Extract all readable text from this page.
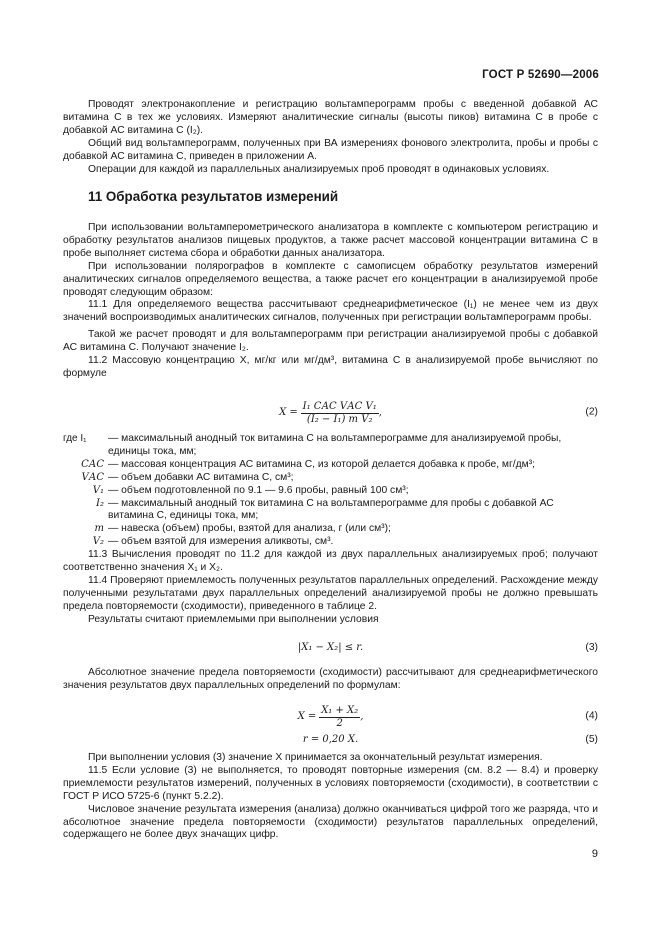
ГОСТ Р 52690—2006

Проводят электронакопление и регистрацию вольтамперограмм пробы с введенной добавкой АС витамина С в тех же условиях. Измеряют аналитические сигналы (высоты пиков) витамина С в пробе с добавкой АС витамина С (I₂).

Общий вид вольтамперограмм, полученных при ВА измерениях фонового электролита, пробы и пробы с добавкой АС витамина С, приведен в приложении А.

Операции для каждой из параллельных анализируемых проб проводят в одинаковых условиях.

11 Обработка результатов измерений

При использовании вольтамперометрического анализатора в комплекте с компьютером регистрацию и обработку результатов анализов пищевых продуктов, а также расчет массовой концентрации витамина С в пробе выполняет система сбора и обработки данных анализатора.

При использовании полярографов в комплекте с самописцем обработку результатов измерений аналитических сигналов определяемого вещества, а также расчет его концентрации в анализируемой пробе проводят следующим образом:

11.1 Для определяемого вещества рассчитывают среднеарифметическое (I₁) не менее чем из двух значений воспроизводимых аналитических сигналов, полученных при регистрации вольтамперограмм пробы.

Такой же расчет проводят и для вольтамперограмм при регистрации анализируемой пробы с добавкой АС витамина С. Получают значение I₂.

11.2 Массовую концентрацию X, мг/кг или мг/дм³, витамина С в анализируемой пробе вычисляют по формуле

X =
$\frac{\text{I₁ CАС VАС V₁}}{\text{(I₂ − I₁) m V₂}}$ ,	(2)
где I₁	— максимальный анодный ток витамина С на вольтамперограмме для анализируемой пробы, единицы тока, мм;
CАС — массовая концентрация АС витамина С, из которой делается добавка к пробе, мг/дм³;
VАС — объем добавки АС витамина С, см³;
V₁ — объем подготовленной по 9.1 — 9.6 пробы, равный 100 см³;
I₂ — максимальный анодный ток витамина С на вольтамперограмме для пробы с добавкой АС витамина С, единицы тока, мм;
m — навеска (объем) пробы, взятой для анализа, г (или см³);
V₂ — объем взятой для измерения аликвоты, см³.

11.3 Вычисления проводят по 11.2 для каждой из двух параллельных анализируемых проб; получают соответственно значения X₁ и X₂.

11.4 Проверяют приемлемость полученных результатов параллельных определений. Расхождение между полученными результатами двух параллельных определений анализируемой пробы не должно превышать предела повторяемости (сходимости), приведенного в таблице 2.

Результаты считают приемлемыми при выполнении условия

|X₁ − X₂| ≤ r.	(3)

Абсолютное значение предела повторяемости (сходимости) рассчитывают для среднеарифметического значения результатов двух параллельных определений по формулам:

X =
$\frac{\text{X₁ + X₂}}{2}$ ,	(4)
r = 0,20 X.	(5)

При выполнении условия (3) значение X принимается за окончательный результат измерения.

11.5 Если условие (3) не выполняется, то проводят повторные измерения (см. 8.2 — 8.4) и проверку приемлемости результатов измерений, полученных в условиях повторяемости (сходимости), в соответствии с ГОСТ Р ИСО 5725-6 (пункт 5.2.2).

Числовое значение результата измерения (анализа) должно оканчиваться цифрой того же разряда, что и абсолютное значение предела повторяемости (сходимости) результатов параллельных определений, содержащего не более двух значащих цифр.

9
